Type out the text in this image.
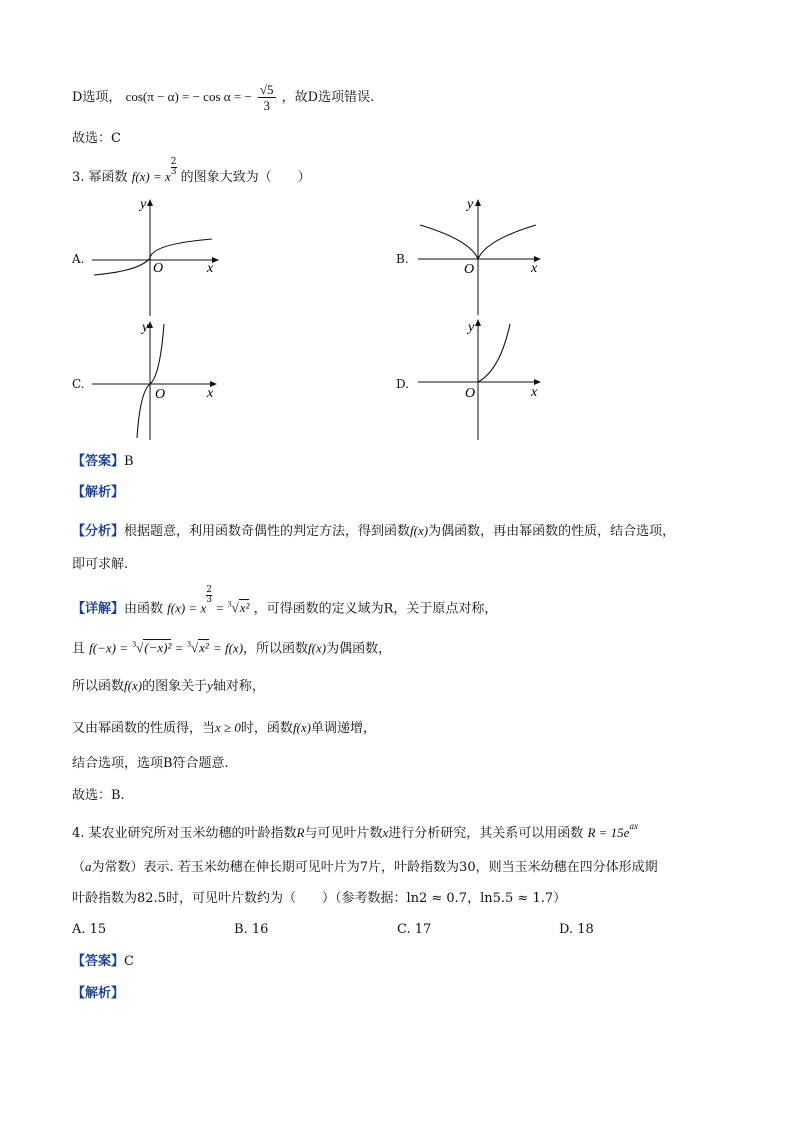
D选项， cos(π − α) = − cos α = − $\frac{√5}{3}$ ，故D选项错误.
故选：C
3. 幂函数 f(x) = x $\frac{2}{3}$
的图象大致为（　　）
A.	B.
C.	D.
x
y
O	x
y
O
x
y
O	x
y
O
【答案】B
【解析】
【分析】根据题意，利用函数奇偶性的判定方法，得到函数f(x)为偶函数，再由幂函数的性质，结合选项，
即可求解.
【详解】由函数 f(x) = x
$\frac{2}{3}$
= $^3$√x² ，可得函数的定义域为R，关于原点对称，
且 f(−x) = $^3$√(−x)² = $^3$√x² = f(x)，所以函数f(x)为偶函数，
所以函数f(x)的图象关于y轴对称，
又由幂函数的性质得，当x ≥ 0时，函数f(x)单调递增，
结合选项，选项B符合题意.
故选：B.
4. 某农业研究所对玉米幼穗的叶龄指数R与可见叶片数x进行分析研究，其关系可以用函数 $R = 15e^{ax}$
（a为常数）表示. 若玉米幼穗在伸长期可见叶片为7片，叶龄指数为30，则当玉米幼穗在四分体形成期
叶龄指数为82.5时，可见叶片数约为（　　）（参考数据：ln2 ≈ 0.7，ln5.5 ≈ 1.7）
A. 15	B. 16	C. 17	D. 18
【答案】C
【解析】
